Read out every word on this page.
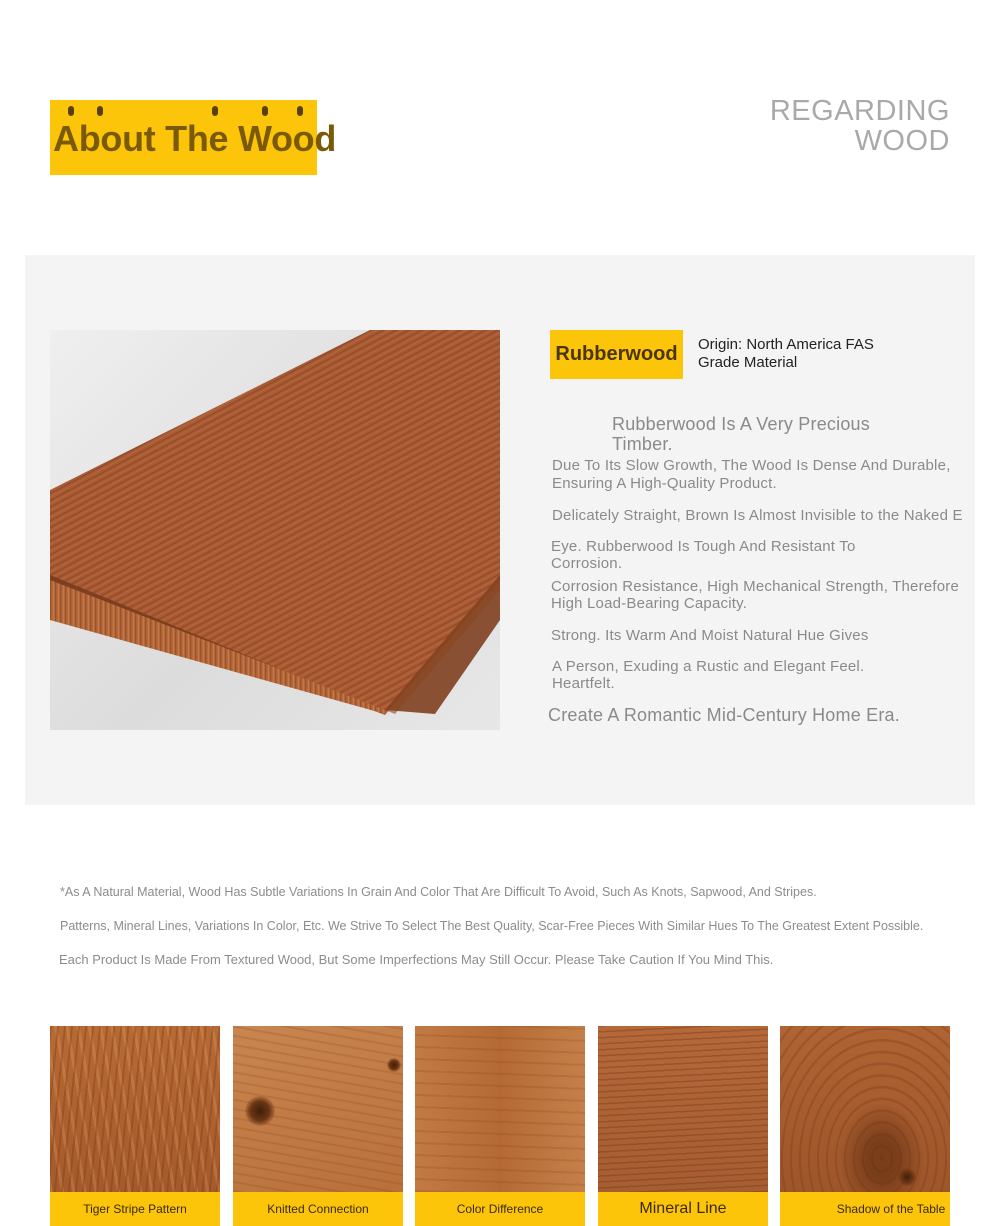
About The Wood
REGARDING
WOOD
Rubberwood	Origin: North America FAS
Grade Material
Rubberwood Is A Very Precious
Timber.
Due To Its Slow Growth, The Wood Is Dense And Durable,
Ensuring A High-Quality Product.
Delicately Straight, Brown Is Almost Invisible to the Naked E
Eye. Rubberwood Is Tough And Resistant To
Corrosion.
Corrosion Resistance, High Mechanical Strength, Therefore
High Load-Bearing Capacity.
Strong. Its Warm And Moist Natural Hue Gives
A Person, Exuding a Rustic and Elegant Feel.
Heartfelt.
Create A Romantic Mid-Century Home Era.
*As A Natural Material, Wood Has Subtle Variations In Grain And Color That Are Difficult To Avoid, Such As Knots, Sapwood, And Stripes.
Patterns, Mineral Lines, Variations In Color, Etc. We Strive To Select The Best Quality, Scar-Free Pieces With Similar Hues To The Greatest Extent Possible.
Each Product Is Made From Textured Wood, But Some Imperfections May Still Occur. Please Take Caution If You Mind This.
Tiger Stripe Pattern	Knitted Connection	Color Difference	Mineral Line	Shadow of the Table
